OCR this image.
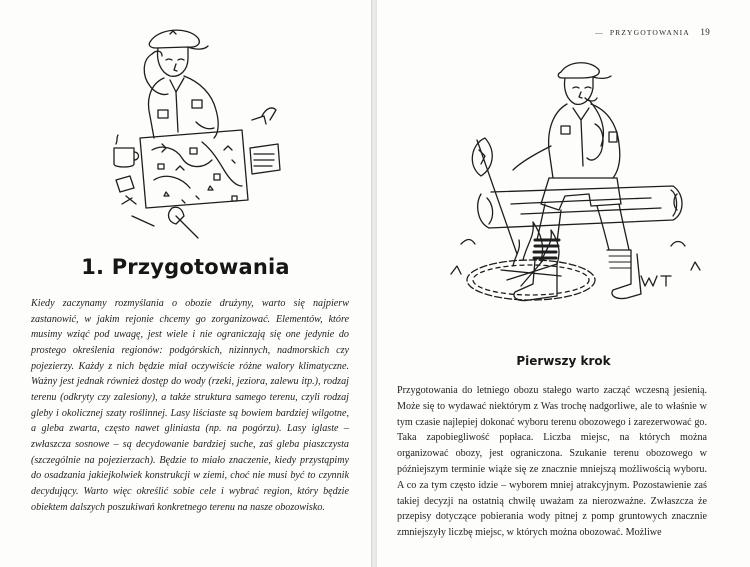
1. Przygotowania

Kiedy zaczynamy rozmyślania o obozie drużyny, warto się najpierw zastanowić, w jakim rejonie chcemy go zorganizować. Elementów, które musimy wziąć pod uwagę, jest wiele i nie ograniczają się one jedynie do prostego określenia regionów: podgórskich, nizinnych, nadmorskich czy pojezierzy. Każdy z nich będzie miał oczywiście różne walory klimatyczne. Ważny jest jednak również dostęp do wody (rzeki, jeziora, zalewu itp.), rodzaj terenu (odkryty czy zalesiony), a także struktura samego terenu, czyli rodzaj gleby i okolicznej szaty roślinnej. Lasy liściaste są bowiem bardziej wilgotne, a gleba zwarta, często nawet gliniasta (np. na pogórzu). Lasy iglaste – zwłaszcza sosnowe – są decydowanie bardziej suche, zaś gleba piaszczysta (szczególnie na pojezierzach). Będzie to miało znaczenie, kiedy przystąpimy do osadzania jakiejkolwiek konstrukcji w ziemi, choć nie musi być to czynnik decydujący. Warto więc określić sobie cele i wybrać region, który będzie obiektem dalszych poszukiwań konkretnego terenu na nasze obozowisko.

— PRZYGOTOWANIA 19
Pierwszy krok

Przygotowania do letniego obozu stałego warto zacząć wczesną jesienią. Może się to wydawać niektórym z Was trochę nadgorliwe, ale to właśnie w tym czasie najlepiej dokonać wyboru terenu obozowego i zarezerwować go. Taka zapobiegliwość popłaca. Liczba miejsc, na których można organizować obozy, jest ograniczona. Szukanie terenu obozowego w późniejszym terminie wiąże się ze znacznie mniejszą możliwością wyboru. A co za tym często idzie – wyborem mniej atrakcyjnym. Pozostawienie zaś takiej decyzji na ostatnią chwilę uważam za nierozważne. Zwłaszcza że przepisy dotyczące pobierania wody pitnej z pomp gruntowych znacznie zmniejszyły liczbę miejsc, w których można obozować. Możliwe
